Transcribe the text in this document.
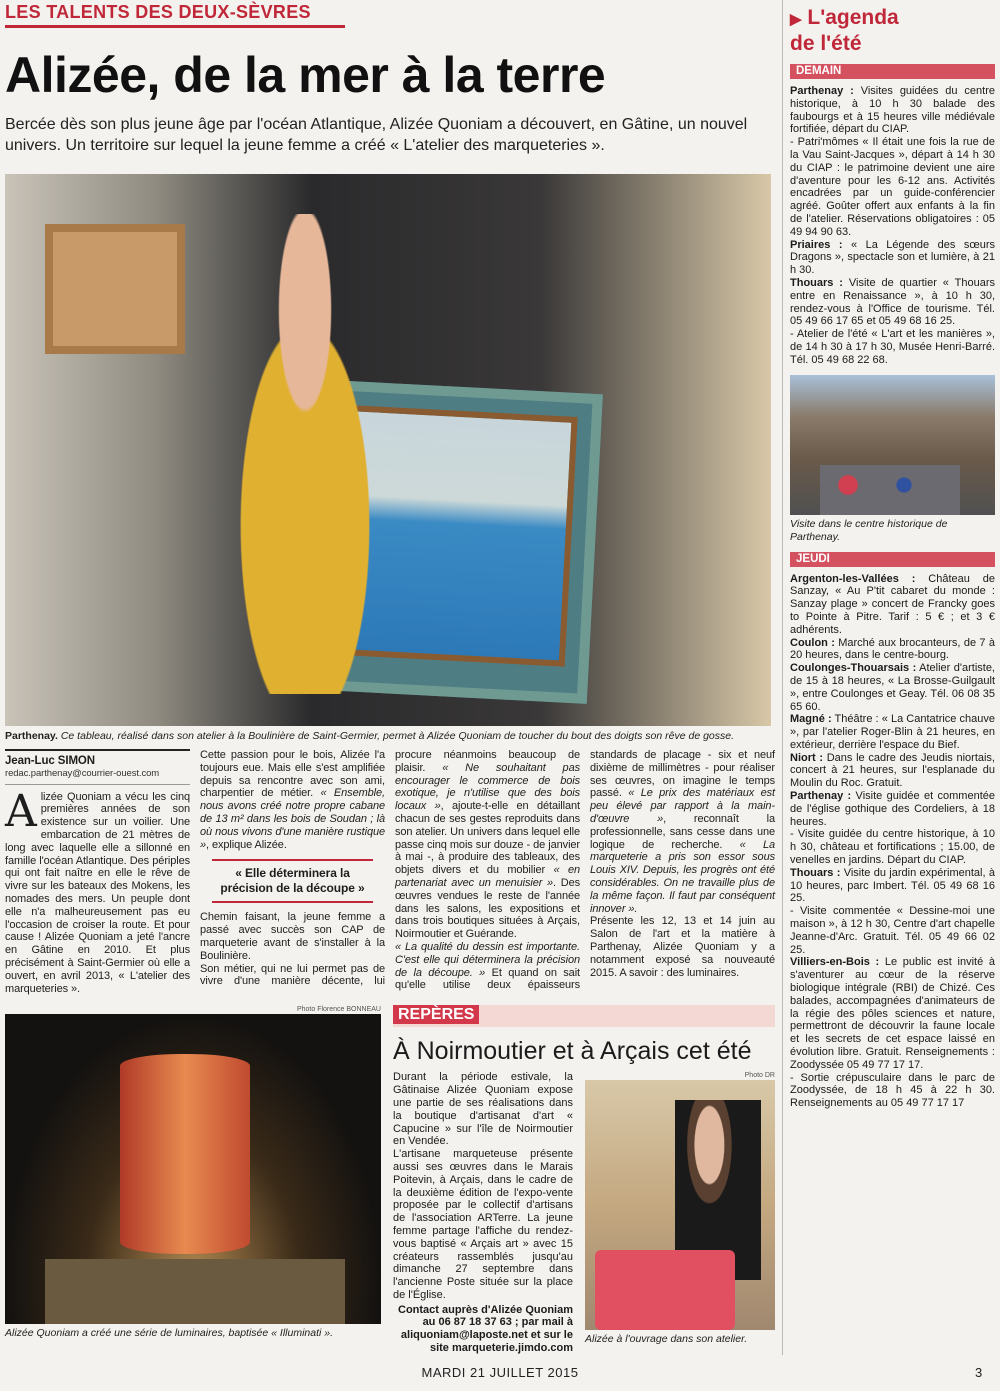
LES TALENTS DES DEUX-SÈVRES
Alizée, de la mer à la terre

Bercée dès son plus jeune âge par l'océan Atlantique, Alizée Quoniam a découvert, en Gâtine, un nouvel univers. Un territoire sur lequel la jeune femme a créé « L'atelier des marqueteries ».

Parthenay. Ce tableau, réalisé dans son atelier à la Boulinière de Saint-Germier, permet à Alizée Quoniam de toucher du bout des doigts son rêve de gosse.
Jean-Luc SIMON
redac.parthenay@courrier-ouest.com

Alizée Quoniam a vécu les cinq premières années de son existence sur un voilier. Une embarcation de 21 mètres de long avec laquelle elle a sillonné en famille l'océan Atlantique. Des périples qui ont fait naître en elle le rêve de vivre sur les bateaux des Mokens, les nomades des mers. Un peuple dont elle n'a malheureusement pas eu l'occasion de croiser la route. Et pour cause ! Alizée Quoniam a jeté l'ancre en Gâtine en 2010. Et plus précisément à Saint-Germier où elle a ouvert, en avril 2013, « L'atelier des marqueteries ».

Cette passion pour le bois, Alizée l'a toujours eue. Mais elle s'est amplifiée depuis sa rencontre avec son ami, charpentier de métier. « Ensemble, nous avons créé notre propre cabane de 13 m² dans les bois de Soudan ; là où nous vivons d'une manière rustique », explique Alizée.

« Elle déterminera la précision de la découpe »

Chemin faisant, la jeune femme a passé avec succès son CAP de marqueterie avant de s'installer à la Boulinière.

Son métier, qui ne lui permet pas de vivre d'une manière décente, lui procure néanmoins beaucoup de plaisir. « Ne souhaitant pas encourager le commerce de bois exotique, je n'utilise que des bois locaux », ajoute-t-elle en détaillant chacun de ses gestes reproduits dans son atelier. Un univers dans lequel elle passe cinq mois sur douze - de janvier à mai -, à produire des tableaux, des objets divers et du mobilier « en partenariat avec un menuisier ». Des œuvres vendues le reste de l'année dans les salons, les expositions et dans trois boutiques situées à Arçais, Noirmoutier et Guérande.

« La qualité du dessin est importante. C'est elle qui déterminera la précision de la découpe. » Et quand on sait qu'elle utilise deux épaisseurs standards de placage - six et neuf dixième de millimètres - pour réaliser ses œuvres, on imagine le temps passé. « Le prix des matériaux est peu élevé par rapport à la main-d'œuvre », reconnaît la professionnelle, sans cesse dans une logique de recherche. « La marqueterie a pris son essor sous Louis XIV. Depuis, les progrès ont été considérables. On ne travaille plus de la même façon. Il faut par conséquent innover ».

Présente les 12, 13 et 14 juin au Salon de l'art et la matière à Parthenay, Alizée Quoniam y a notamment exposé sa nouveauté 2015. A savoir : des luminaires.

Photo Florence BONNEAU
Alizée Quoniam a créé une série de luminaires, baptisée « Illuminati ».
REPÈRES
À Noirmoutier et à Arçais cet été

Durant la période estivale, la Gâtinaise Alizée Quoniam expose une partie de ses réalisations dans la boutique d'artisanat d'art « Capucine » sur l'île de Noirmoutier en Vendée.

L'artisane marqueteuse présente aussi ses œuvres dans le Marais Poitevin, à Arçais, dans le cadre de la deuxième édition de l'expo-vente proposée par le collectif d'artisans de l'association ARTerre. La jeune femme partage l'affiche du rendez-vous baptisé « Arçais art » avec 15 créateurs rassemblés jusqu'au dimanche 27 septembre dans l'ancienne Poste située sur la place de l'Église.

Contact auprès d'Alizée Quoniam au 06 87 18 37 63 ; par mail à aliquoniam@laposte.net et sur le site marqueterie.jimdo.com

Photo DR
Alizée à l'ouvrage dans son atelier.
▶ L'agenda
de l'été
DEMAIN

Parthenay : Visites guidées du centre historique, à 10 h 30 balade des faubourgs et à 15 heures ville médiévale fortifiée, départ du CIAP.

- Patri'mômes « Il était une fois la rue de la Vau Saint-Jacques », départ à 14 h 30 du CIAP : le patrimoine devient une aire d'aventure pour les 6-12 ans. Activités encadrées par un guide-conférencier agréé. Goûter offert aux enfants à la fin de l'atelier. Réservations obligatoires : 05 49 94 90 63.

Priaires : « La Légende des sœurs Dragons », spectacle son et lumière, à 21 h 30.

Thouars : Visite de quartier « Thouars entre en Renaissance », à 10 h 30, rendez-vous à l'Office de tourisme. Tél. 05 49 66 17 65 et 05 49 68 16 25.

- Atelier de l'été « L'art et les manières », de 14 h 30 à 17 h 30, Musée Henri-Barré. Tél. 05 49 68 22 68.

Visite dans le centre historique de Parthenay.
JEUDI

Argenton-les-Vallées : Château de Sanzay, « Au P'tit cabaret du monde : Sanzay plage » concert de Francky goes to Pointe à Pitre. Tarif : 5 € ; et 3 € adhérents.

Coulon : Marché aux brocanteurs, de 7 à 20 heures, dans le centre-bourg.

Coulonges-Thouarsais : Atelier d'artiste, de 15 à 18 heures, « La Brosse-Guilgault », entre Coulonges et Geay. Tél. 06 08 35 65 60.

Magné : Théâtre : « La Cantatrice chauve », par l'atelier Roger-Blin à 21 heures, en extérieur, derrière l'espace du Bief.

Niort : Dans le cadre des Jeudis niortais, concert à 21 heures, sur l'esplanade du Moulin du Roc. Gratuit.

Parthenay : Visite guidée et commentée de l'église gothique des Cordeliers, à 18 heures.

- Visite guidée du centre historique, à 10 h 30, château et fortifications ; 15.00, de venelles en jardins. Départ du CIAP.

Thouars : Visite du jardin expérimental, à 10 heures, parc Imbert. Tél. 05 49 68 16 25.

- Visite commentée « Dessine-moi une maison », à 12 h 30, Centre d'art chapelle Jeanne-d'Arc. Gratuit. Tél. 05 49 66 02 25.

Villiers-en-Bois : Le public est invité à s'aventurer au cœur de la réserve biologique intégrale (RBI) de Chizé. Ces balades, accompagnées d'animateurs de la régie des pôles sciences et nature, permettront de découvrir la faune locale et les secrets de cet espace laissé en évolution libre. Gratuit. Renseignements : Zoodyssée 05 49 77 17 17.

- Sortie crépusculaire dans le parc de Zoodyssée, de 18 h 45 à 22 h 30. Renseignements au 05 49 77 17 17

MARDI 21 JUILLET 2015	3
